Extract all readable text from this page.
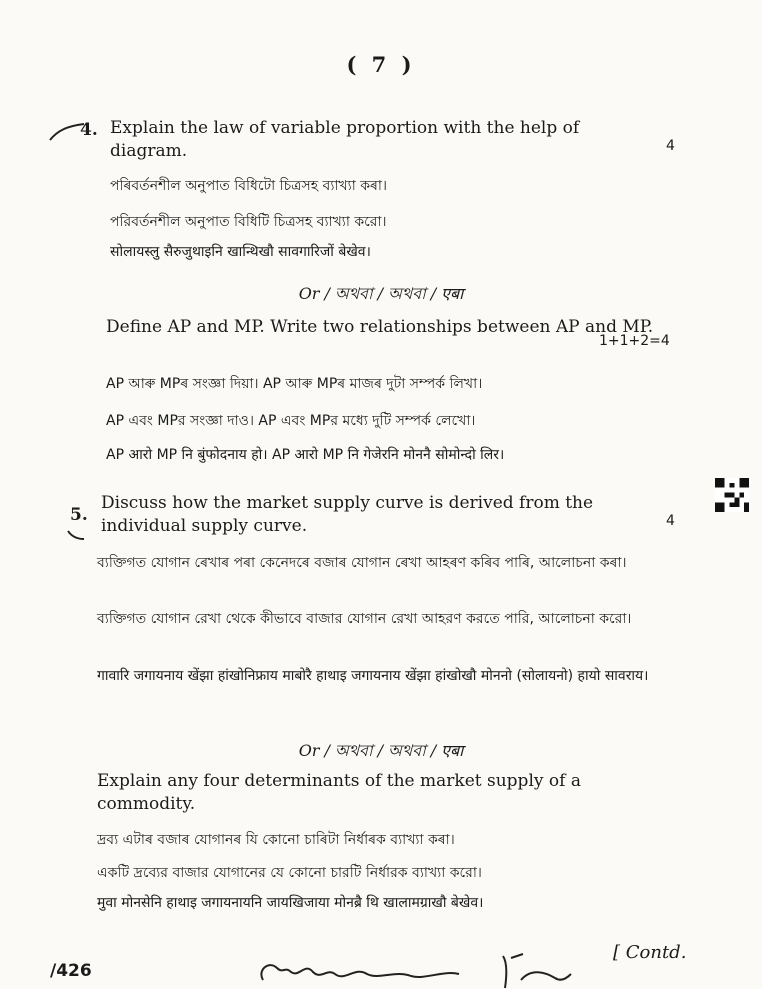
( 7 )
4. Explain the law of variable proportion with the help of diagram.	4
পৰিবৰ্তনশীল অনুপাত বিধিটো চিত্ৰসহ ব্যাখ্যা কৰা।
পরিবর্তনশীল অনুপাত বিধিটি চিত্রসহ ব্যাখ্যা করো।
सोलायस्लु सैरुजुथाइनि खान्थिखौ सावगारिजों बेखेव।
Or / অথবা / অথবা / एबा
Define AP and MP. Write two relationships between AP and MP.
1+1+2=4
AP আৰু MPৰ সংজ্ঞা দিয়া। AP আৰু MPৰ মাজৰ দুটা সম্পৰ্ক লিখা।
AP এবং MPর সংজ্ঞা দাও। AP এবং MPর মধ্যে দুটি সম্পর্ক লেখো।
AP आरो MP नि बुंफोदनाय हो। AP आरो MP नि गेजेरनि मोननै सोमोन्दो लिर।
5.
Discuss how the market supply curve is derived from the individual supply curve.	4
ব্যক্তিগত যোগান ৰেখাৰ পৰা কেনেদৰে বজাৰ যোগান ৰেখা আহৰণ কৰিব পাৰি, আলোচনা কৰা।
ব্যক্তিগত যোগান রেখা থেকে কীভাবে বাজার যোগান রেখা আহরণ করতে পারি, আলোচনা করো।
गावारि जगायनाय खेंझा हांखोनिफ्राय माबोरै हाथाइ जगायनाय खेंझा हांखोखौ मोननो (सोलायनो) हायो सावराय।
Or / অথবা / অথবা / एबा
Explain any four determinants of the market supply of a commodity.
দ্ৰব্য এটাৰ বজাৰ যোগানৰ যি কোনো চাৰিটা নিৰ্ধাৰক ব্যাখ্যা কৰা।
একটি দ্রব্যের বাজার যোগানের যে কোনো চারটি নির্ধারক ব্যাখ্যা করো।
मुवा मोनसेनि हाथाइ जगायनायनि जायखिजाया मोनब्रै थि खालामग्राखौ बेखेव।
/426
[ Contd.
